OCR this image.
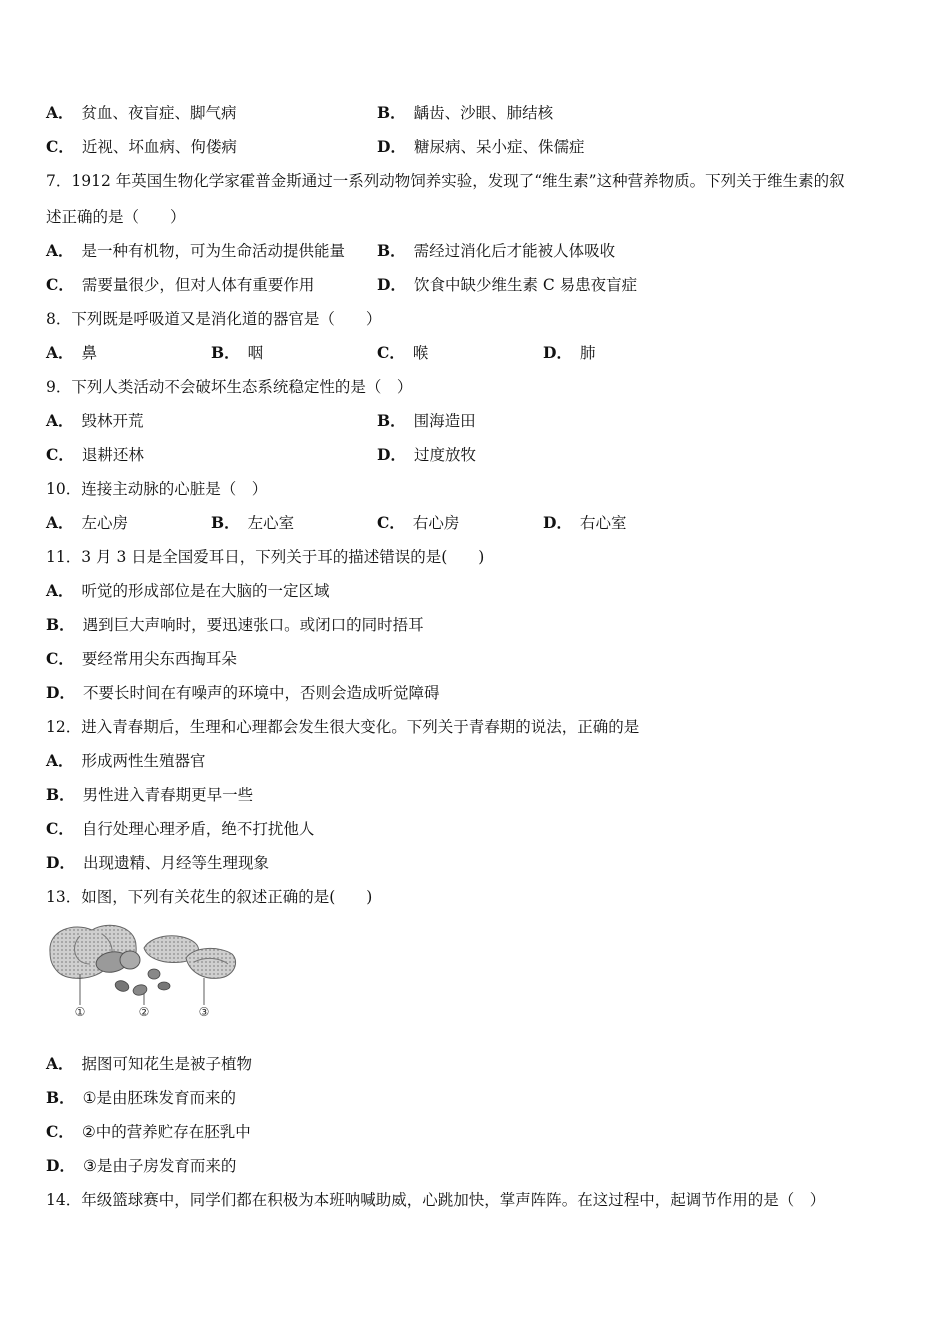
A． 贫血、夜盲症、脚气病	B． 龋齿、沙眼、肺结核
C． 近视、坏血病、佝偻病	D． 糖尿病、呆小症、侏儒症
7．1912 年英国生物化学家霍普金斯通过一系列动物饲养实验，发现了“维生素”这种营养物质。下列关于维生素的叙
述正确的是（　　）
A． 是一种有机物，可为生命活动提供能量 B． 需经过消化后才能被人体吸收
C． 需要量很少，但对人体有重要作用	D． 饮食中缺少维生素 C 易患夜盲症
8．下列既是呼吸道又是消化道的器官是（　　）
A． 鼻	B． 咽	C． 喉	D． 肺
9．下列人类活动不会破坏生态系统稳定性的是（　）
A． 毁林开荒	B． 围海造田
C． 退耕还林	D． 过度放牧
10．连接主动脉的心脏是（　）
A． 左心房	B． 左心室	C． 右心房	D． 右心室
11．3 月 3 日是全国爱耳日，下列关于耳的描述错误的是(　　)
A． 听觉的形成部位是在大脑的一定区域
B． 遇到巨大声响时，要迅速张口。或闭口的同时捂耳
C． 要经常用尖东西掏耳朵
D． 不要长时间在有噪声的环境中，否则会造成听觉障碍
12．进入青春期后，生理和心理都会发生很大变化。下列关于青春期的说法，正确的是
A． 形成两性生殖器官
B． 男性进入青春期更早一些
C． 自行处理心理矛盾，绝不打扰他人
D． 出现遗精、月经等生理现象
13．如图，下列有关花生的叙述正确的是(　　)
①	②	③
A． 据图可知花生是被子植物
B． ①是由胚珠发育而来的
C． ②中的营养贮存在胚乳中
D． ③是由子房发育而来的
14．年级篮球赛中，同学们都在积极为本班呐喊助威，心跳加快，掌声阵阵。在这过程中，起调节作用的是（　）
